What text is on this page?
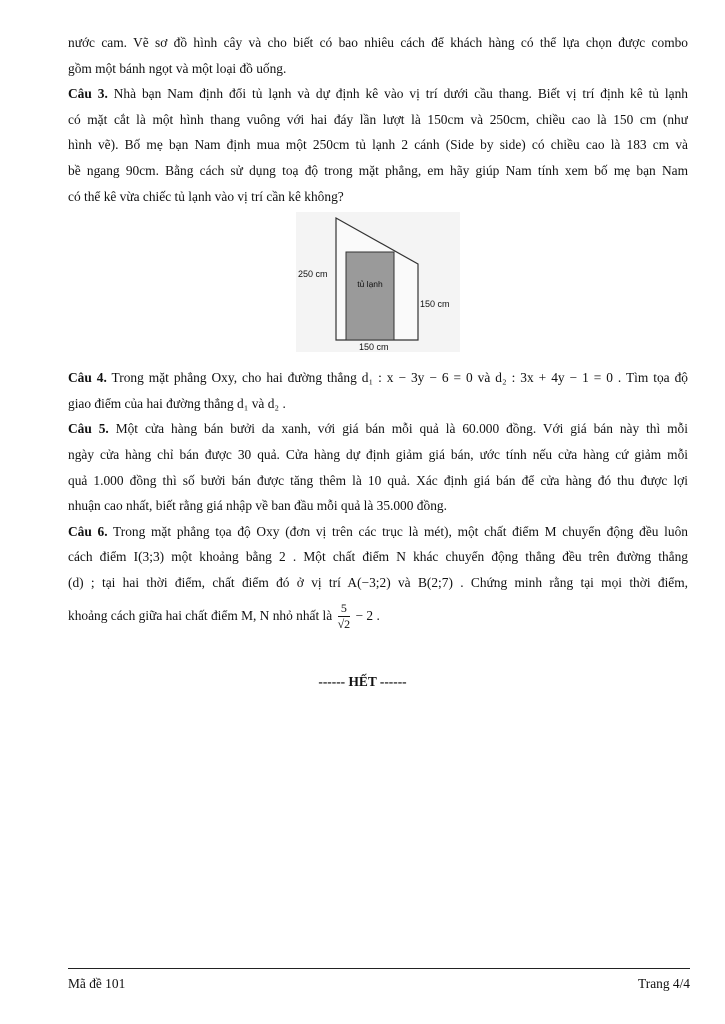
nước cam. Vẽ sơ đồ hình cây và cho biết có bao nhiêu cách để khách hàng có thể lựa chọn được combo
gồm một bánh ngọt và một loại đồ uống.
Câu 3. Nhà bạn Nam định đổi tủ lạnh và dự định kê vào vị trí dưới cầu thang. Biết vị trí định kê tủ lạnh
có mặt cắt là một hình thang vuông với hai đáy lần lượt là 150cm và 250cm, chiều cao là 150 cm (như
hình vẽ). Bố mẹ bạn Nam định mua một 250cm tủ lạnh 2 cánh (Side by side) có chiều cao là 183 cm và
bề ngang 90cm. Bằng cách sử dụng toạ độ trong mặt phẳng, em hãy giúp Nam tính xem bố mẹ bạn Nam
có thể kê vừa chiếc tủ lạnh vào vị trí cần kê không?
Câu 4. Trong mặt phẳng Oxy, cho hai đường thẳng d₁ : x − 3y − 6 = 0 và d₂ : 3x + 4y − 1 = 0 . Tìm tọa độ
giao điểm của hai đường thẳng d₁ và d₂ .
Câu 5. Một cửa hàng bán bưởi da xanh, với giá bán mỗi quả là 60.000 đồng. Với giá bán này thì mỗi
ngày cửa hàng chỉ bán được 30 quả. Cửa hàng dự định giảm giá bán, ước tính nếu cửa hàng cứ giảm mỗi
quả 1.000 đồng thì số bưởi bán được tăng thêm là 10 quả. Xác định giá bán để cửa hàng đó thu được lợi
nhuận cao nhất, biết rằng giá nhập về ban đầu mỗi quả là 35.000 đồng.
Câu 6. Trong mặt phẳng tọa độ Oxy (đơn vị trên các trục là mét), một chất điểm M chuyển động đều luôn
cách điểm I(3;3) một khoảng bằng 2 . Một chất điểm N khác chuyển động thẳng đều trên đường thẳng
(d) ; tại hai thời điểm, chất điểm đó ở vị trí A(−3;2) và B(2;7) . Chứng minh rằng tại mọi thời điểm,
khoảng cách giữa hai chất điểm M, N nhỏ nhất là $\frac{5}{√2} - 2$ .
tủ lạnh
250 cm
150 cm
150 cm
------ HẾT ------
Mã đề 101	Trang 4/4
